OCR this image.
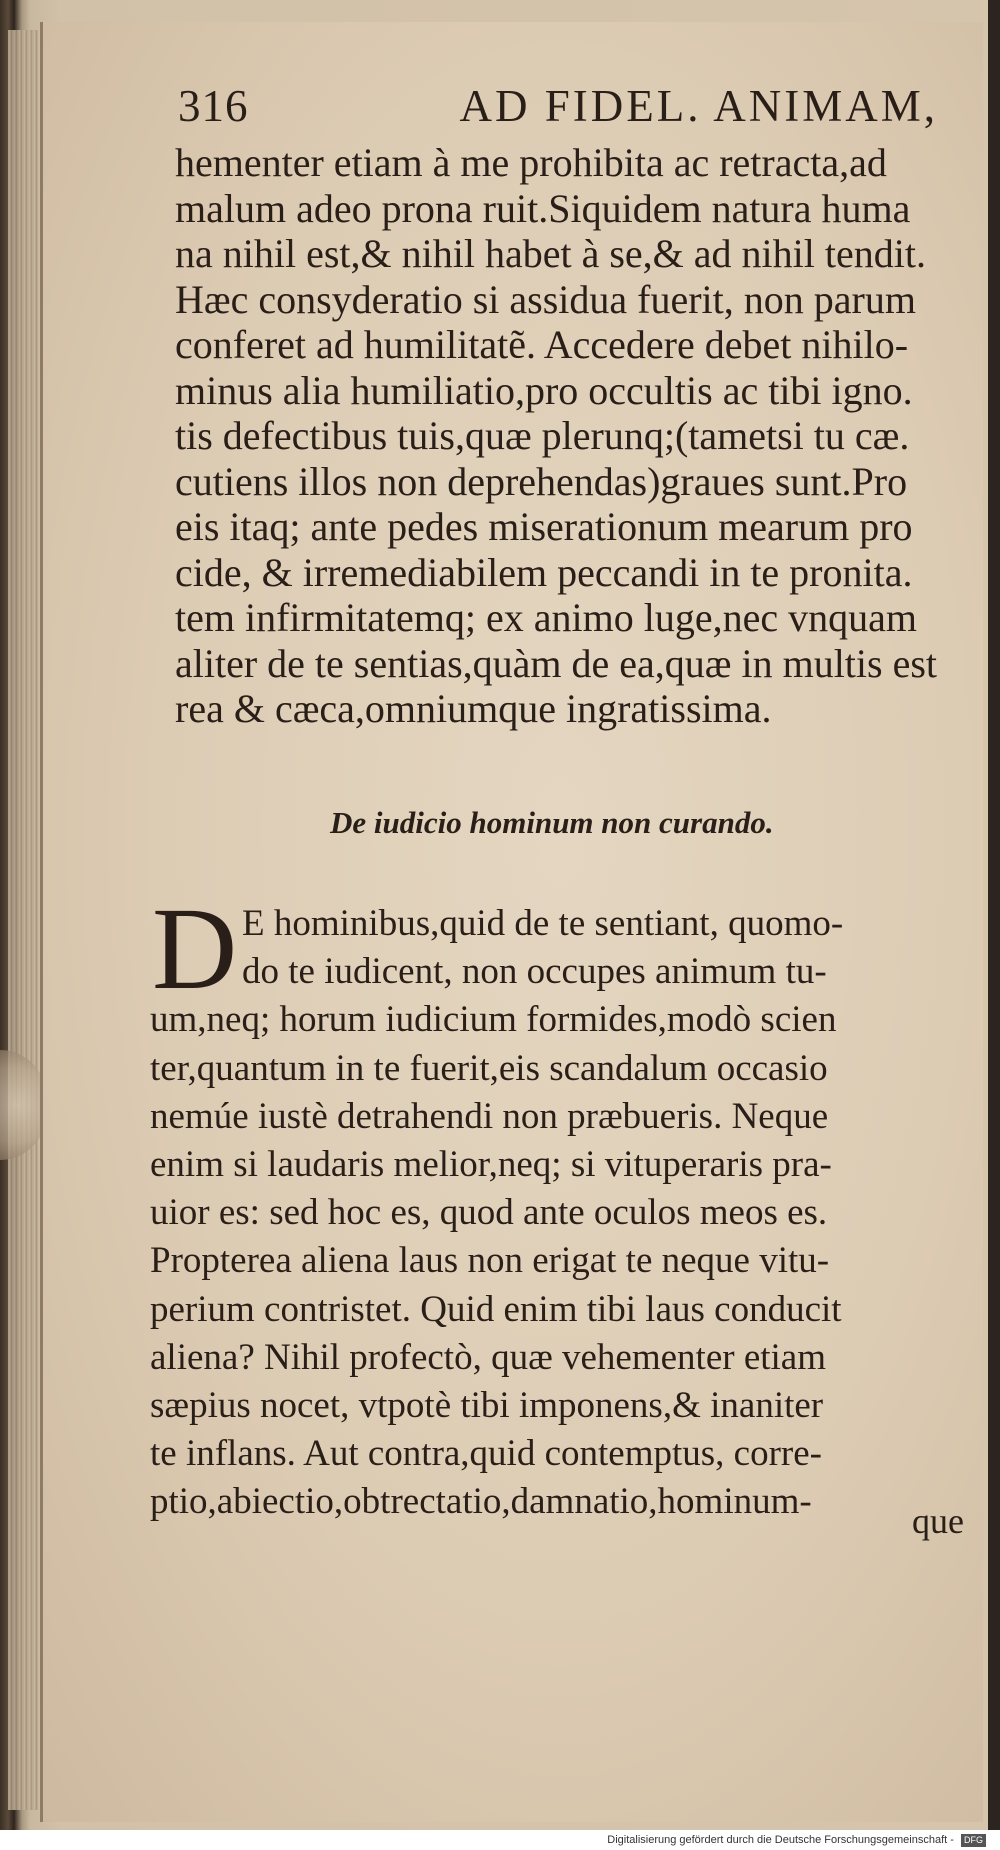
316	AD FIDEL. ANIMAM,
hementer etiam à me prohibita ac retracta,ad
malum adeo prona ruit.Siquidem natura huma
na nihil est,& nihil habet à se,& ad nihil tendit.
Hæc consyderatio si assidua fuerit, non parum
conferet ad humilitatẽ. Accedere debet nihilo-
minus alia humiliatio,pro occultis ac tibi igno.
tis defectibus tuis,quæ plerunq;(tametsi tu cæ.
cutiens illos non deprehendas)graues sunt.Pro
eis itaq; ante pedes miserationum mearum pro
cide, & irremediabilem peccandi in te pronita.
tem infirmitatemq; ex animo luge,nec vnquam
aliter de te sentias,quàm de ea,quæ in multis est
rea & cæca,omniumque ingratissima.
De iudicio hominum non curando.
D E hominibus,quid de te sentiant, quomo-
do te iudicent, non occupes animum tu-
um,neq; horum iudicium formides,modò scien
ter,quantum in te fuerit,eis scandalum occasio
nemúe iustè detrahendi non præbueris. Neque
enim si laudaris melior,neq; si vituperaris pra-
uior es: sed hoc es, quod ante oculos meos es.
Propterea aliena laus non erigat te neque vitu-
perium contristet. Quid enim tibi laus conducit
aliena? Nihil profectò, quæ vehementer etiam
sæpius nocet, vtpotè tibi imponens,& inaniter
te inflans. Aut contra,quid contemptus, corre-
ptio,abiectio,obtrectatio,damnatio,hominum-	que
Digitalisierung gefördert durch die Deutsche Forschungsgemeinschaft - DFG
